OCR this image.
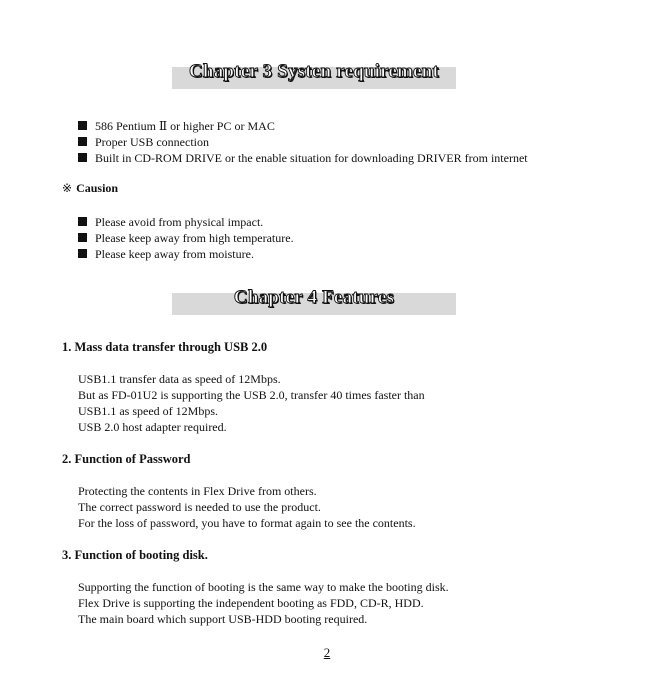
Chapter 3 Systen requirement
586 Pentium Ⅱ or higher PC or MAC
Proper USB connection
Built in CD-ROM DRIVE or the enable situation for downloading DRIVER from internet
※ Causion
Please avoid from physical impact.
Please keep away from high temperature.
Please keep away from moisture.
Chapter 4 Features
1. Mass data transfer through USB 2.0
USB1.1 transfer data as speed of 12Mbps.
But as FD-01U2 is supporting the USB 2.0, transfer 40 times faster than
USB1.1 as speed of 12Mbps.
USB 2.0 host adapter required.
2. Function of Password
Protecting the contents in Flex Drive from others.
The correct password is needed to use the product.
For the loss of password, you have to format again to see the contents.
3. Function of booting disk.
Supporting the function of booting is the same way to make the booting disk.
Flex Drive is supporting the independent booting as FDD, CD-R, HDD.
The main board which support USB-HDD booting required.
2
